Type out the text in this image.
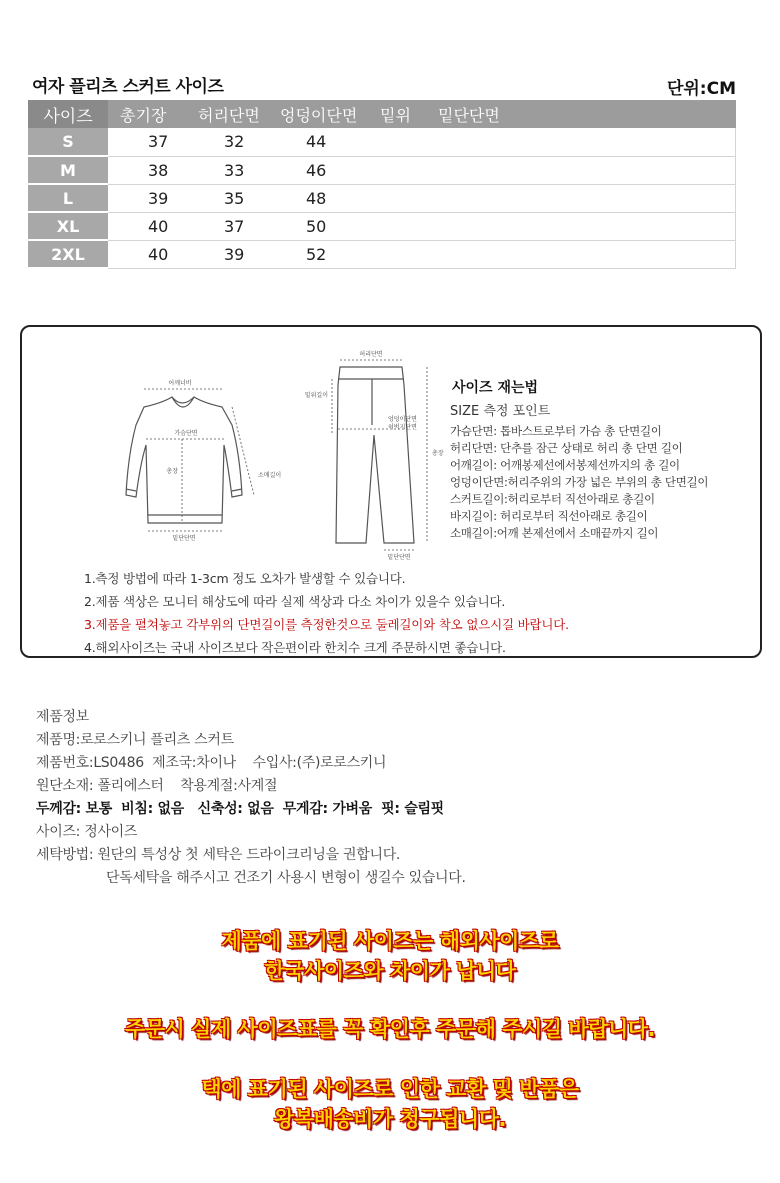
여자 플리츠 스커트 사이즈	단위:CM
사이즈	총기장	허리단면	엉덩이단면	밑위	밑단단면
S	37	32	44		
M	38	33	46		
L	39	35	48		
XL	40	37	50		
2XL	40	39	52		
어깨너비
가슴단면
총장
소매길이
밑단단면
허리단면
밑위길이
엉덩이단면
허벅지단면
총장
밑단단면
사이즈 재는법
SIZE 측정 포인트
가슴단면: 톱바스트로부터 가슴 총 단면길이
허리단면: 단추를 잠근 상태로 허리 총 단면 길이
어깨길이: 어깨봉제선에서봉제선까지의 총 길이
엉덩이단면:허리주위의 가장 넓은 부위의 총 단면길이
스커트길이:허리로부터 직선아래로 총길이
바지길이: 허리로부터 직선아래로 총길이
소매길이:어깨 본제선에서 소매끝까지 길이
1.측정 방법에 따라 1-3cm 정도 오차가 발생할 수 있습니다.
2.제품 색상은 모니터 해상도에 따라 실제 색상과 다소 차이가 있을수 있습니다.
3.제품을 펼쳐놓고 각부위의 단면길이를 측정한것으로 둘레길이와 착오 없으시길 바랍니다.
4.해외사이즈는 국내 사이즈보다 작은편이라 한치수 크게 주문하시면 좋습니다.
제품정보
제품명:로로스키니 플리츠 스커트
제품번호:LS0486  제조국:차이나    수입사:(주)로로스키니
원단소재: 폴리에스터    착용계절:사계절
두께감: 보통  비침: 없음   신축성: 없음  무게감: 가벼움  핏: 슬림핏
사이즈: 정사이즈
세탁방법: 원단의 특성상 첫 세탁은 드라이크리닝을 권합니다.
단독세탁을 해주시고 건조기 사용시 변형이 생길수 있습니다.
제품에 표기된 사이즈는 해외사이즈로
한국사이즈와 차이가 납니다
주문시 실제 사이즈표를 꼭 확인후 주문해 주시길 바랍니다.
택에 표기된 사이즈로 인한 교환 및 반품은
왕복배송비가 청구됩니다.
